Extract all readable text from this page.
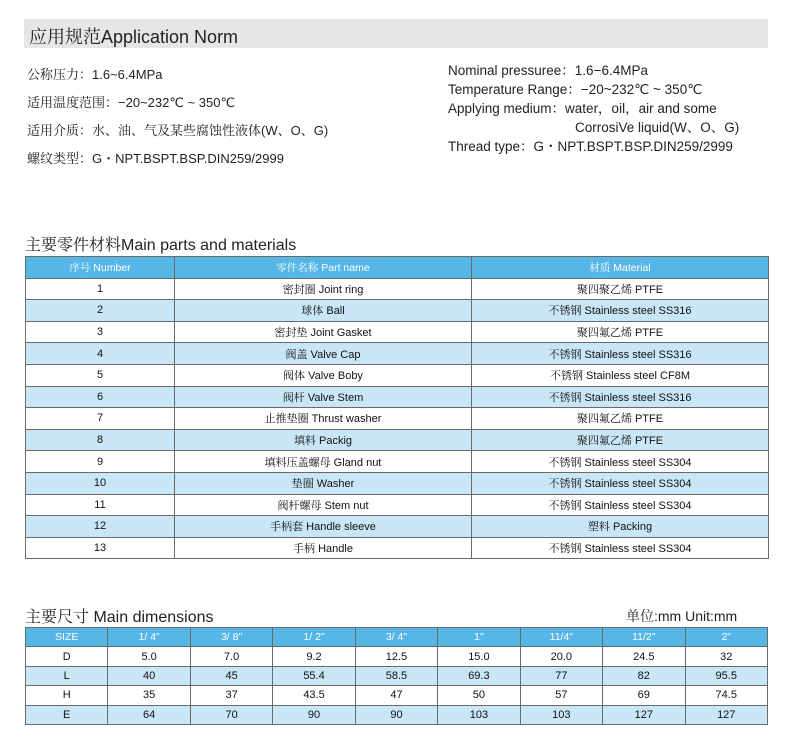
应用规范Application Norm
公称压力：1.6~6.4MPa
适用温度范围：−20~232℃ ~ 350℃
适用介质：水、油、气及某些腐蚀性液体(W、O、G)
螺纹类型：G・NPT.BSPT.BSP.DIN259/2999
Nominal pressuree：1.6−6.4MPa
Temperature Range：−20~232℃ ~ 350℃
Applying medium：water，oil，air and some
CorrosiVe liquid(W、O、G)
Thread type：G・NPT.BSPT.BSP.DIN259/2999
主要零件材料Main parts and materials
序号 Number	零件名称 Part name	材质 Material
1	密封圈 Joint ring	聚四聚乙烯 PTFE
2	球体 Ball	不锈钢 Stainless steel SS316
3	密封垫 Joint Gasket	聚四氟乙烯 PTFE
4	阀盖 Valve Cap	不锈钢 Stainless steel SS316
5	阀体 Valve Boby	不锈钢 Stainless steel CF8M
6	阀杆 Valve Stem	不锈钢 Stainless steel SS316
7	止推垫圈 Thrust washer	聚四氟乙烯 PTFE
8	填料 Packig	聚四氟乙烯 PTFE
9	填料压盖螺母 Gland nut	不锈钢 Stainless steel SS304
10	垫圈 Washer	不锈钢 Stainless steel SS304
11	阀杆螺母 Stem nut	不锈钢 Stainless steel SS304
12	手柄套 Handle sleeve	塑料 Packing
13	手柄 Handle	不锈钢 Stainless steel SS304
主要尺寸 Main dimensions	单位:mm Unit:mm
SIZE	1/ 4"	3/ 8"	1/ 2"	3/ 4"	1"	11/4"	11/2"	2"
D	5.0	7.0	9.2	12.5	15.0	20.0	24.5	32
L	40	45	55.4	58.5	69.3	77	82	95.5
H	35	37	43.5	47	50	57	69	74.5
E	64	70	90	90	103	103	127	127
